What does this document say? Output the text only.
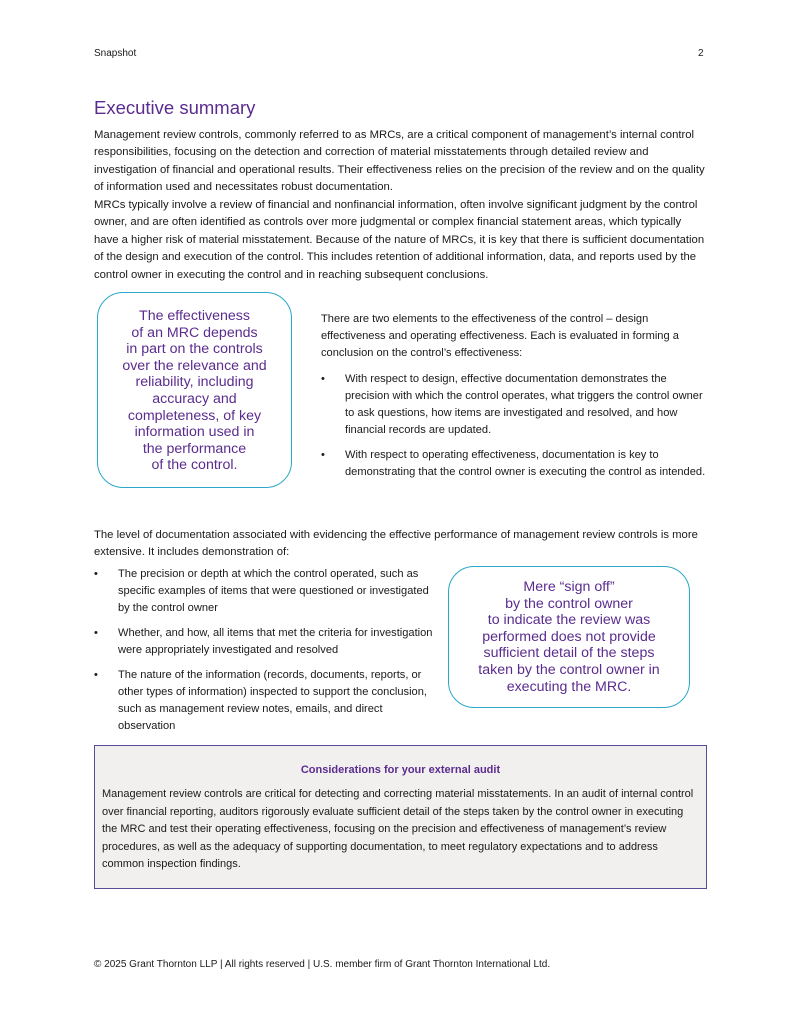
Snapshot	2
Executive summary

Management review controls, commonly referred to as MRCs, are a critical component of management’s internal control responsibilities, focusing on the detection and correction of material misstatements through detailed review and investigation of financial and operational results. Their effectiveness relies on the precision of the review and on the quality of information used and necessitates robust documentation.

MRCs typically involve a review of financial and nonfinancial information, often involve significant judgment by the control owner, and are often identified as controls over more judgmental or complex financial statement areas, which typically have a higher risk of material misstatement. Because of the nature of MRCs, it is key that there is sufficient documentation of the design and execution of the control. This includes retention of additional information, data, and reports used by the control owner in executing the control and in reaching subsequent conclusions.

The effectiveness
of an MRC depends
in part on the controls
over the relevance and
reliability, including
accuracy and
completeness, of key
information used in
the performance
of the control.

There are two elements to the effectiveness of the control – design effectiveness and operating effectiveness. Each is evaluated in forming a conclusion on the control’s effectiveness:

• With respect to design, effective documentation demonstrates the precision with which the control operates, what triggers the control owner to ask questions, how items are investigated and resolved, and how financial records are updated.
• With respect to operating effectiveness, documentation is key to demonstrating that the control owner is executing the control as intended.

The level of documentation associated with evidencing the effective performance of management review controls is more extensive. It includes demonstration of:

• The precision or depth at which the control operated, such as specific examples of items that were questioned or investigated by the control owner
• Whether, and how, all items that met the criteria for investigation were appropriately investigated and resolved
• The nature of the information (records, documents, reports, or other types of information) inspected to support the conclusion, such as management review notes, emails, and direct observation
Mere “sign off”
by the control owner
to indicate the review was
performed does not provide
sufficient detail of the steps
taken by the control owner in
executing the MRC.
Considerations for your external audit

Management review controls are critical for detecting and correcting material misstatements. In an audit of internal control over financial reporting, auditors rigorously evaluate sufficient detail of the steps taken by the control owner in executing the MRC and test their operating effectiveness, focusing on the precision and effectiveness of management’s review procedures, as well as the adequacy of supporting documentation, to meet regulatory expectations and to address common inspection findings.

© 2025 Grant Thornton LLP | All rights reserved | U.S. member firm of Grant Thornton International Ltd.
